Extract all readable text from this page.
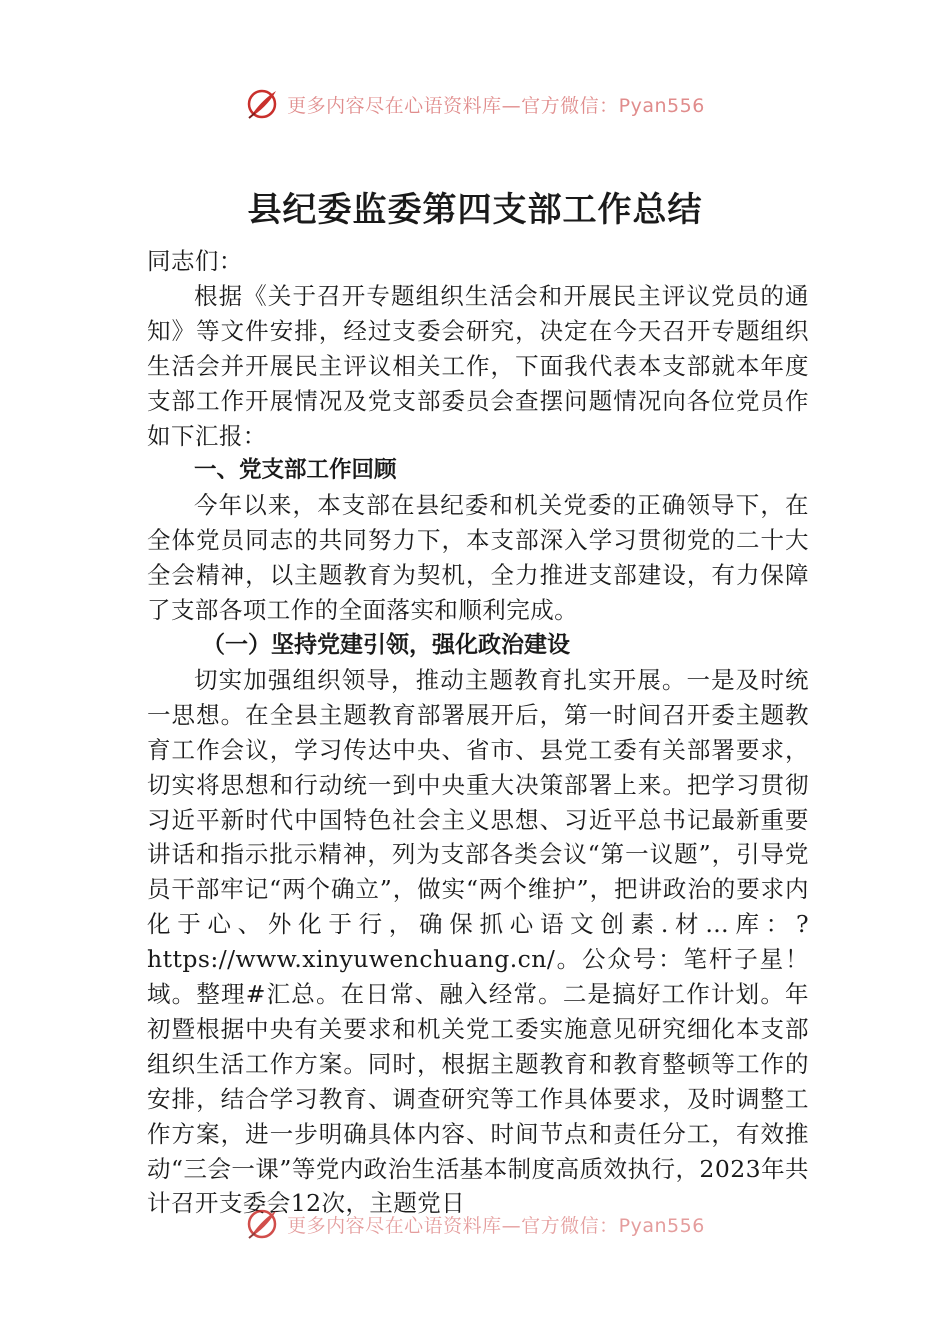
更多内容尽在心语资料库—官方微信：Pyan556
县纪委监委第四支部工作总结

同志们：

根据《关于召开专题组织生活会和开展民主评议党员的通知》等文件安排，经过支委会研究，决定在今天召开专题组织生活会并开展民主评议相关工作，下面我代表本支部就本年度支部工作开展情况及党支部委员会查摆问题情况向各位党员作如下汇报：

一、党支部工作回顾

今年以来，本支部在县纪委和机关党委的正确领导下，在全体党员同志的共同努力下，本支部深入学习贯彻党的二十大全会精神，以主题教育为契机，全力推进支部建设，有力保障了支部各项工作的全面落实和顺利完成。

（一）坚持党建引领，强化政治建设

切实加强组织领导，推动主题教育扎实开展。一是及时统一思想。在全县主题教育部署展开后，第一时间召开委主题教育工作会议，学习传达中央、省市、县党工委有关部署要求，切实将思想和行动统一到中央重大决策部署上来。把学习贯彻习近平新时代中国特色社会主义思想、习近平总书记最新重要讲话和指示批示精神，列为支部各类会议“第一议题”，引导党员干部牢记“两个确立”，做实“两个维护”，把讲政治的要求内化于心、外化于行，确保抓心语文创素.材…库：?https://www.xinyuwenchuang.cn/。公众号：笔杆子星！域。整理#汇总。在日常、融入经常。二是搞好工作计划。年初暨根据中央有关要求和机关党工委实施意见研究细化本支部组织生活工作方案。同时，根据主题教育和教育整顿等工作的安排，结合学习教育、调查研究等工作具体要求，及时调整工作方案，进一步明确具体内容、时间节点和责任分工，有效推动“三会一课”等党内政治生活基本制度高质效执行，2023年共计召开支委会12次，主题党日

更多内容尽在心语资料库—官方微信：Pyan556
